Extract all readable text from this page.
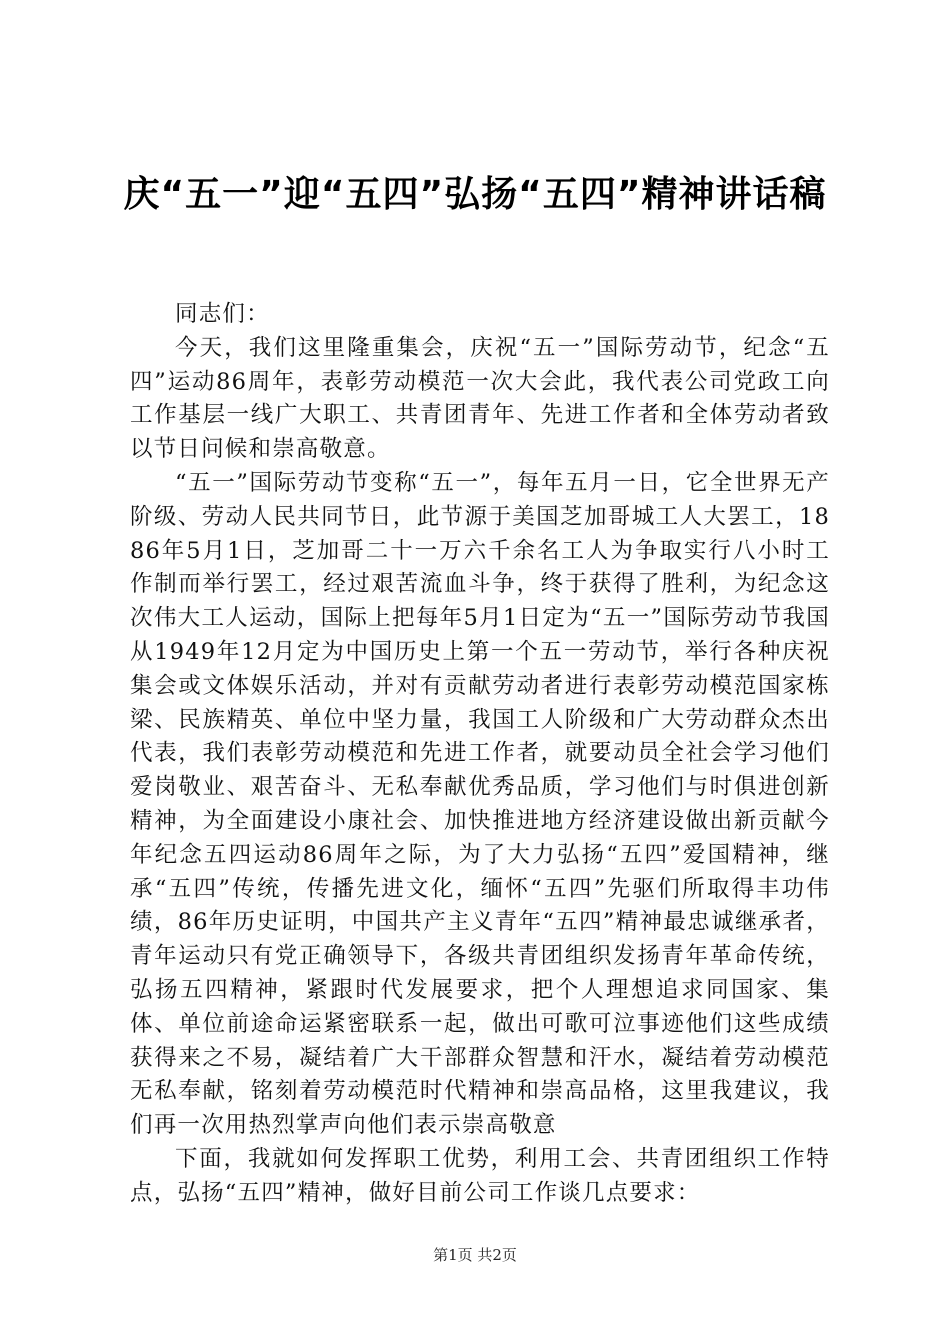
庆“五一”迎“五四”弘扬“五四”精神讲话稿

同志们：

今天，我们这里隆重集会，庆祝“五一”国际劳动节，纪念“五四”运动86周年，表彰劳动模范一次大会此，我代表公司党政工向工作基层一线广大职工、共青团青年、先进工作者和全体劳动者致以节日问候和崇高敬意。

“五一”国际劳动节变称“五一”，每年五月一日，它全世界无产阶级、劳动人民共同节日，此节源于美国芝加哥城工人大罢工，1886年5月1日，芝加哥二十一万六千余名工人为争取实行八小时工作制而举行罢工，经过艰苦流血斗争，终于获得了胜利，为纪念这次伟大工人运动，国际上把每年5月1日定为“五一”国际劳动节我国从1949年12月定为中国历史上第一个五一劳动节，举行各种庆祝集会或文体娱乐活动，并对有贡献劳动者进行表彰劳动模范国家栋梁、民族精英、单位中坚力量，我国工人阶级和广大劳动群众杰出代表，我们表彰劳动模范和先进工作者，就要动员全社会学习他们爱岗敬业、艰苦奋斗、无私奉献优秀品质，学习他们与时俱进创新精神，为全面建设小康社会、加快推进地方经济建设做出新贡献今年纪念五四运动86周年之际，为了大力弘扬“五四”爱国精神，继承“五四”传统，传播先进文化，缅怀“五四”先驱们所取得丰功伟绩，86年历史证明，中国共产主义青年“五四”精神最忠诚继承者，青年运动只有党正确领导下，各级共青团组织发扬青年革命传统，弘扬五四精神，紧跟时代发展要求，把个人理想追求同国家、集体、单位前途命运紧密联系一起，做出可歌可泣事迹他们这些成绩获得来之不易，凝结着广大干部群众智慧和汗水，凝结着劳动模范无私奉献，铭刻着劳动模范时代精神和崇高品格，这里我建议，我们再一次用热烈掌声向他们表示崇高敬意

下面，我就如何发挥职工优势，利用工会、共青团组织工作特点，弘扬“五四”精神，做好目前公司工作谈几点要求：

第1页 共2页
